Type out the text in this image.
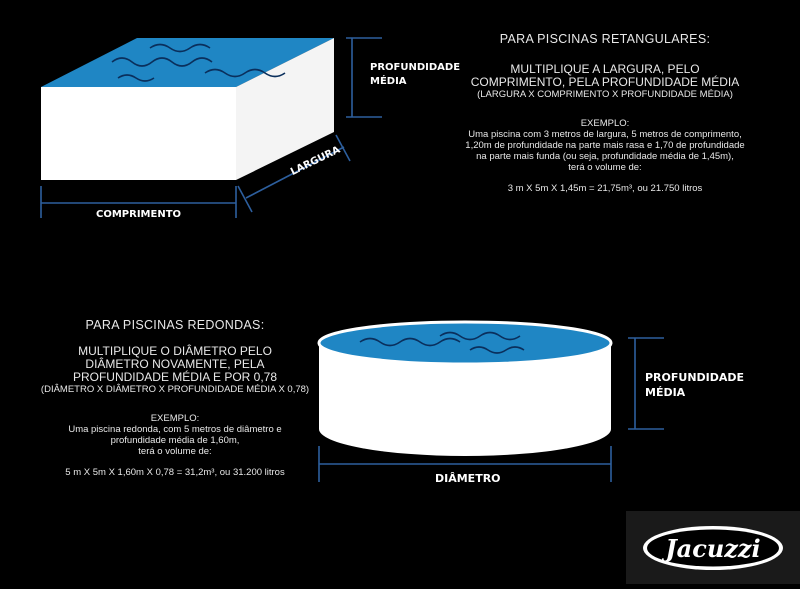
PROFUNDIDADE
MÉDIA
LARGURA
COMPRIMENTO
PROFUNDIDADE
MÉDIA
DIÂMETRO
PARA PISCINAS RETANGULARES:
MULTIPLIQUE A LARGURA, PELO
COMPRIMENTO, PELA PROFUNDIDADE MÉDIA
(LARGURA X COMPRIMENTO X PROFUNDIDADE MÉDIA)
EXEMPLO:
Uma piscina com 3 metros de largura, 5 metros de comprimento,
1,20m de profundidade na parte mais rasa e 1,70 de profundidade
na parte mais funda (ou seja, profundidade média de 1,45m),
terá o volume de:
3 m X 5m X 1,45m = 21,75m³, ou 21.750 litros
PARA PISCINAS REDONDAS:
MULTIPLIQUE O DIÂMETRO PELO
DIÂMETRO NOVAMENTE, PELA
PROFUNDIDADE MÉDIA E POR 0,78
(DIÂMETRO X DIÂMETRO X PROFUNDIDADE MÉDIA X 0,78)
EXEMPLO:
Uma piscina redonda, com 5 metros de diâmetro e
profundidade média de 1,60m,
terá o volume de:
5 m X 5m X 1,60m X 0,78 = 31,2m³, ou 31.200 litros
Jacuzzi
